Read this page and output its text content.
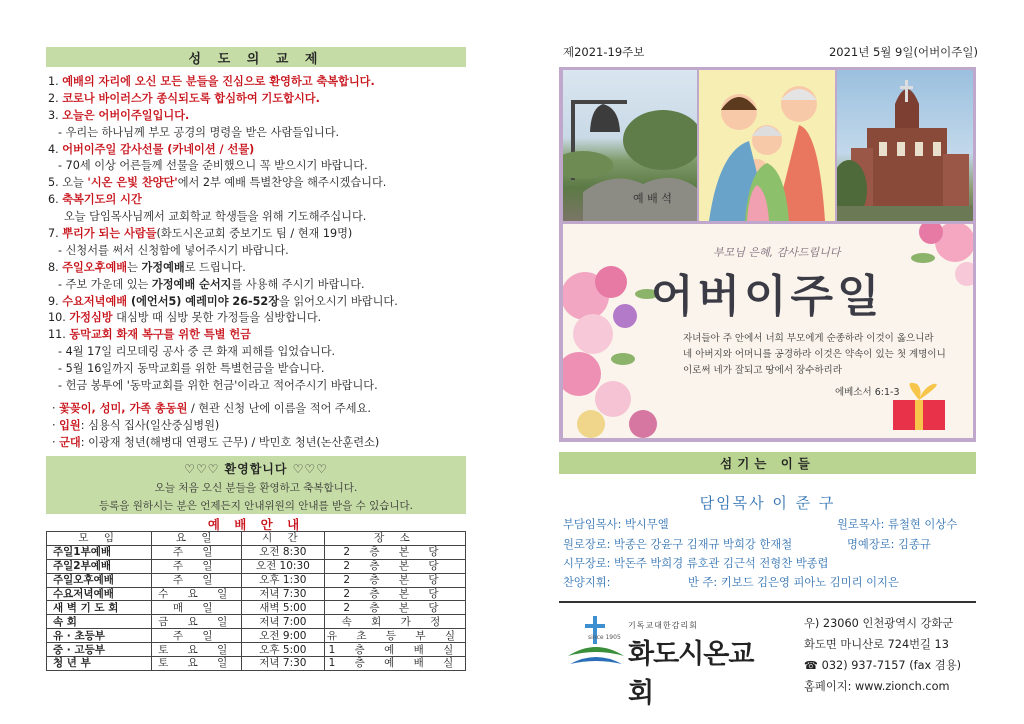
성 도 의 교 제
1. 예배의 자리에 오신 모든 분들을 진심으로 환영하고 축복합니다.
2. 코로나 바이러스가 종식되도록 합심하여 기도합시다.
3. 오늘은 어버이주일입니다.
- 우리는 하나님께 부모 공경의 명령을 받은 사람들입니다.
4. 어버이주일 감사선물 (카네이션 / 선물)
- 70세 이상 어른들께 선물을 준비했으니 꼭 받으시기 바랍니다.
5. 오늘 '시온 은빛 찬양단'에서 2부 예배 특별찬양을 해주시겠습니다.
6. 축복기도의 시간
오늘 담임목사님께서 교회학교 학생들을 위해 기도해주십니다.
7. 뿌리가 되는 사람들(화도시온교회 중보기도 팀 / 현재 19명)
- 신청서를 써서 신청함에 넣어주시기 바랍니다.
8. 주일오후예배는 가정예배로 드립니다.
- 주보 가운데 있는 가정예배 순서지를 사용해 주시기 바랍니다.
9. 수요저녁예배 (에언서5) 예레미야 26-52장을 읽어오시기 바랍니다.
10. 가정심방 대심방 때 심방 못한 가정들을 심방합니다.
11. 동막교회 화재 복구를 위한 특별 헌금
- 4월 17일 리모데링 공사 중 큰 화재 피해를 입었습니다.
- 5월 16일까지 동막교회를 위한 특별헌금을 받습니다.
- 헌금 봉투에 '동막교회를 위한 헌금'이라고 적어주시기 바랍니다.
· 꽃꽂이, 성미, 가족 총동원 / 현관 신청 난에 이름을 적어 주세요.
· 입원: 심용식 집사(일산중심병원)
· 군대: 이광재 청년(해병대 연평도 근무) / 박민호 청년(논산훈련소)
♡♡♡ 환영합니다 ♡♡♡
오늘 처음 오신 분들을 환영하고 축복합니다.
등록을 원하시는 분은 언제든지 안내위원의 안내를 받을 수 있습니다.
예 배 안 내
모 임	요 일	시 간	장 소
주일1부예배	주 일	오전 8:30	2 층 본 당
주일2부예배	주 일	오전 10:30	2 층 본 당
주일오후예배	주 일	오후 1:30	2 층 본 당
수요저녁예배	수 요 일	저녁 7:30	2 층 본 당
새 벽 기 도 회	매 일	새벽 5:00	2 층 본 당
속 회	금 요 일	저녁 7:00	속 회 가 정
유 · 초등부	주 일	오전 9:00	유 초 등 부 실
중 · 고등부	토 요 일	오후 5:00	1 층 예 배 실
청 년 부	토 요 일	저녁 7:30	1 층 예 배 실
제2021-19주보	2021년 5월 9일(어버이주일)
예 배 석
부모님 은혜, 감사드립니다
어버이주일
자녀들아 주 안에서 너희 부모에게 순종하라 이것이 옳으니라
네 아버지와 어머니를 공경하라 이것은 약속이 있는 첫 계명이니
이로써 네가 잘되고 땅에서 장수하리라
에베소서 6:1-3
섬기는 이들
담임목사 이 준 구
부담임목사: 박시무엘	원로목사: 류철현 이상수
원로장로: 박종은 강윤구 김재규 박희강 한재철	명예장로: 김종규
시무장로: 박돈주 박희경 류호관 김근석 전형찬 박종렵
찬양지휘:	반 주: 키보드 김은영 피아노 김미리 이지은
since 1905
기독교대한감리회
화도시온교회
우) 23060 인천광역시 강화군
화도면 마니산로 724번길 13
☎ 032) 937-7157 (fax 겸용)
홈페이지: www.zionch.com
